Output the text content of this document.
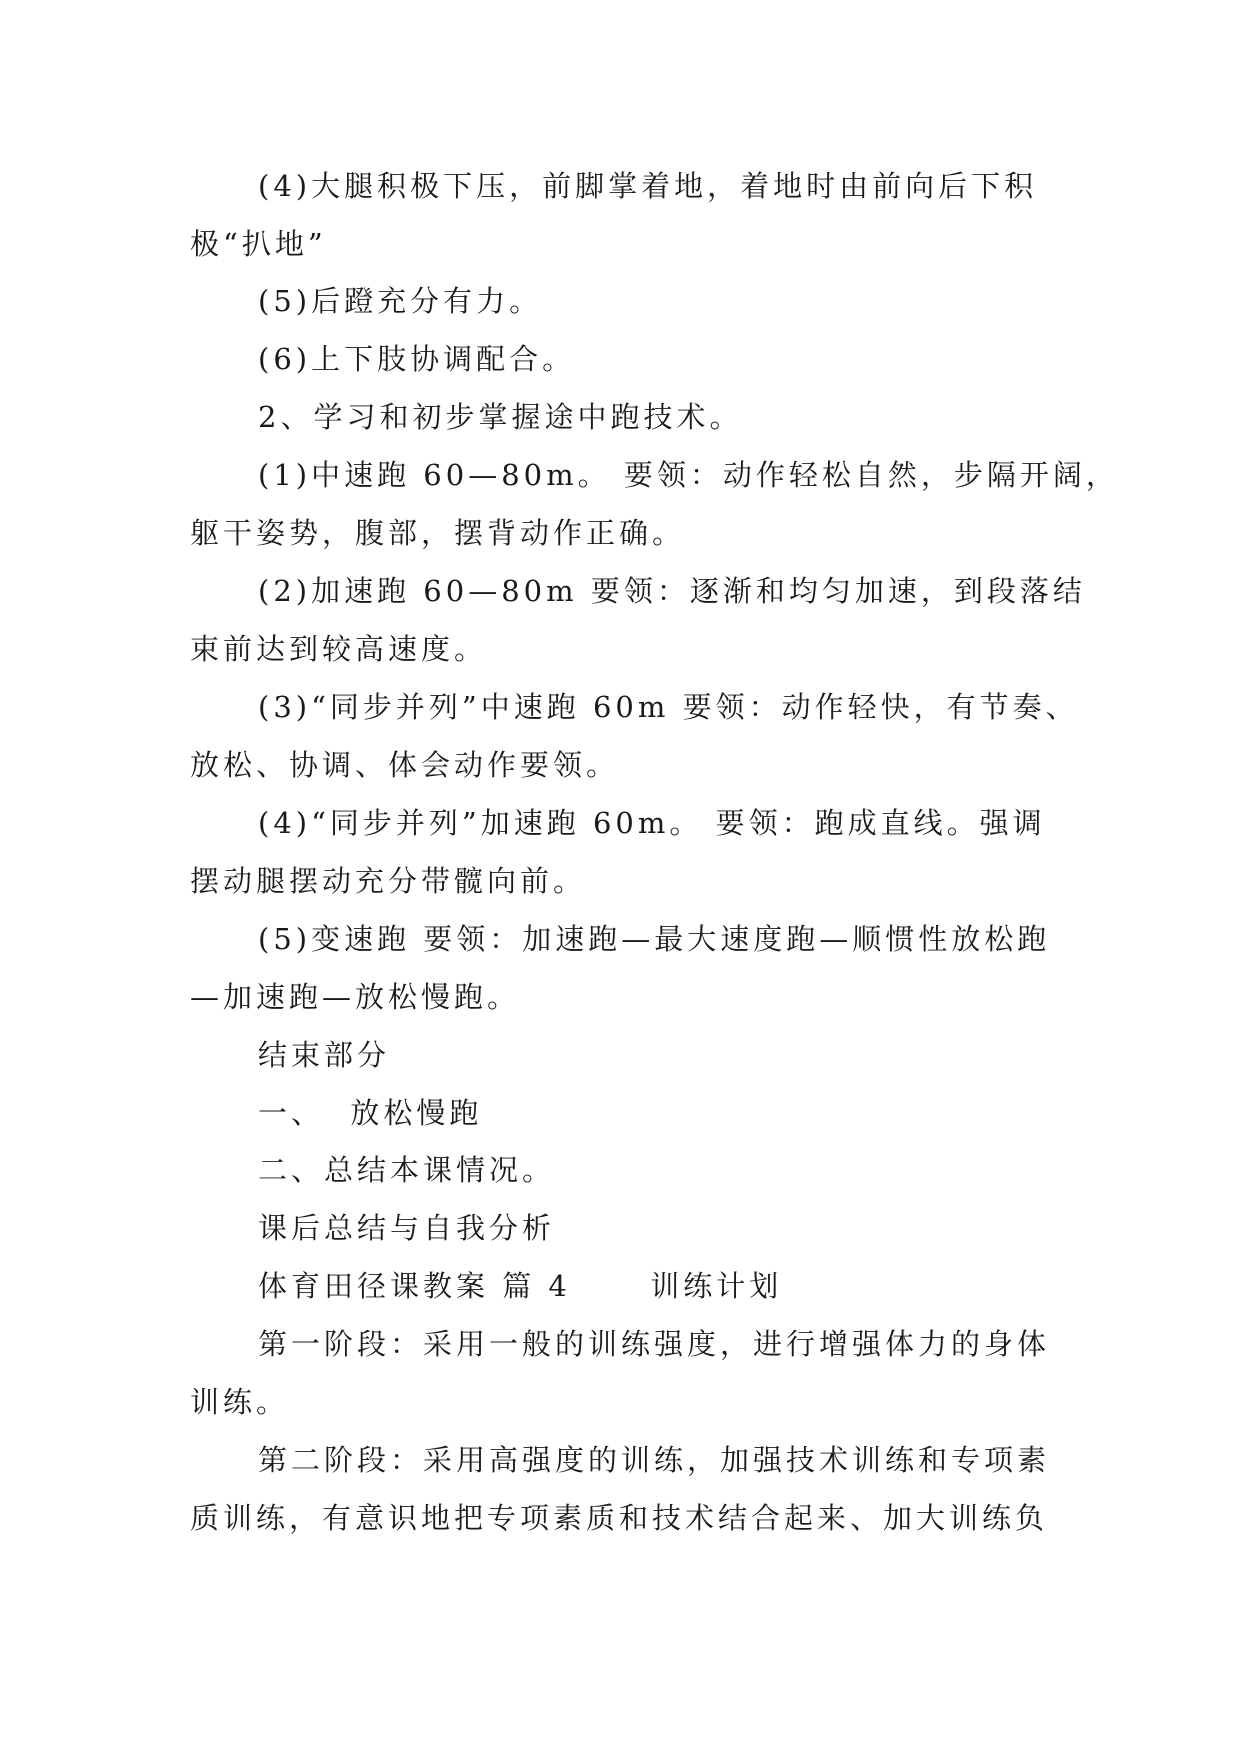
(4)大腿积极下压，前脚掌着地，着地时由前向后下积
极“扒地”
(5)后蹬充分有力。
(6)上下肢协调配合。
2、学习和初步掌握途中跑技术。
(1)中速跑 60—80m。 要领：动作轻松自然，步隔开阔，
躯干姿势，腹部，摆背动作正确。
(2)加速跑 60—80m 要领：逐渐和均匀加速，到段落结
束前达到较高速度。
(3)“同步并列”中速跑 60m 要领：动作轻快，有节奏、
放松、协调、体会动作要领。
(4)“同步并列”加速跑 60m。 要领：跑成直线。强调
摆动腿摆动充分带髋向前。
(5)变速跑 要领：加速跑—最大速度跑—顺惯性放松跑
—加速跑—放松慢跑。
结束部分
一、  放松慢跑
二、总结本课情况。
课后总结与自我分析
体育田径课教案 篇 4      训练计划
第一阶段：采用一般的训练强度，进行增强体力的身体
训练。
第二阶段：采用高强度的训练，加强技术训练和专项素
质训练，有意识地把专项素质和技术结合起来、加大训练负
